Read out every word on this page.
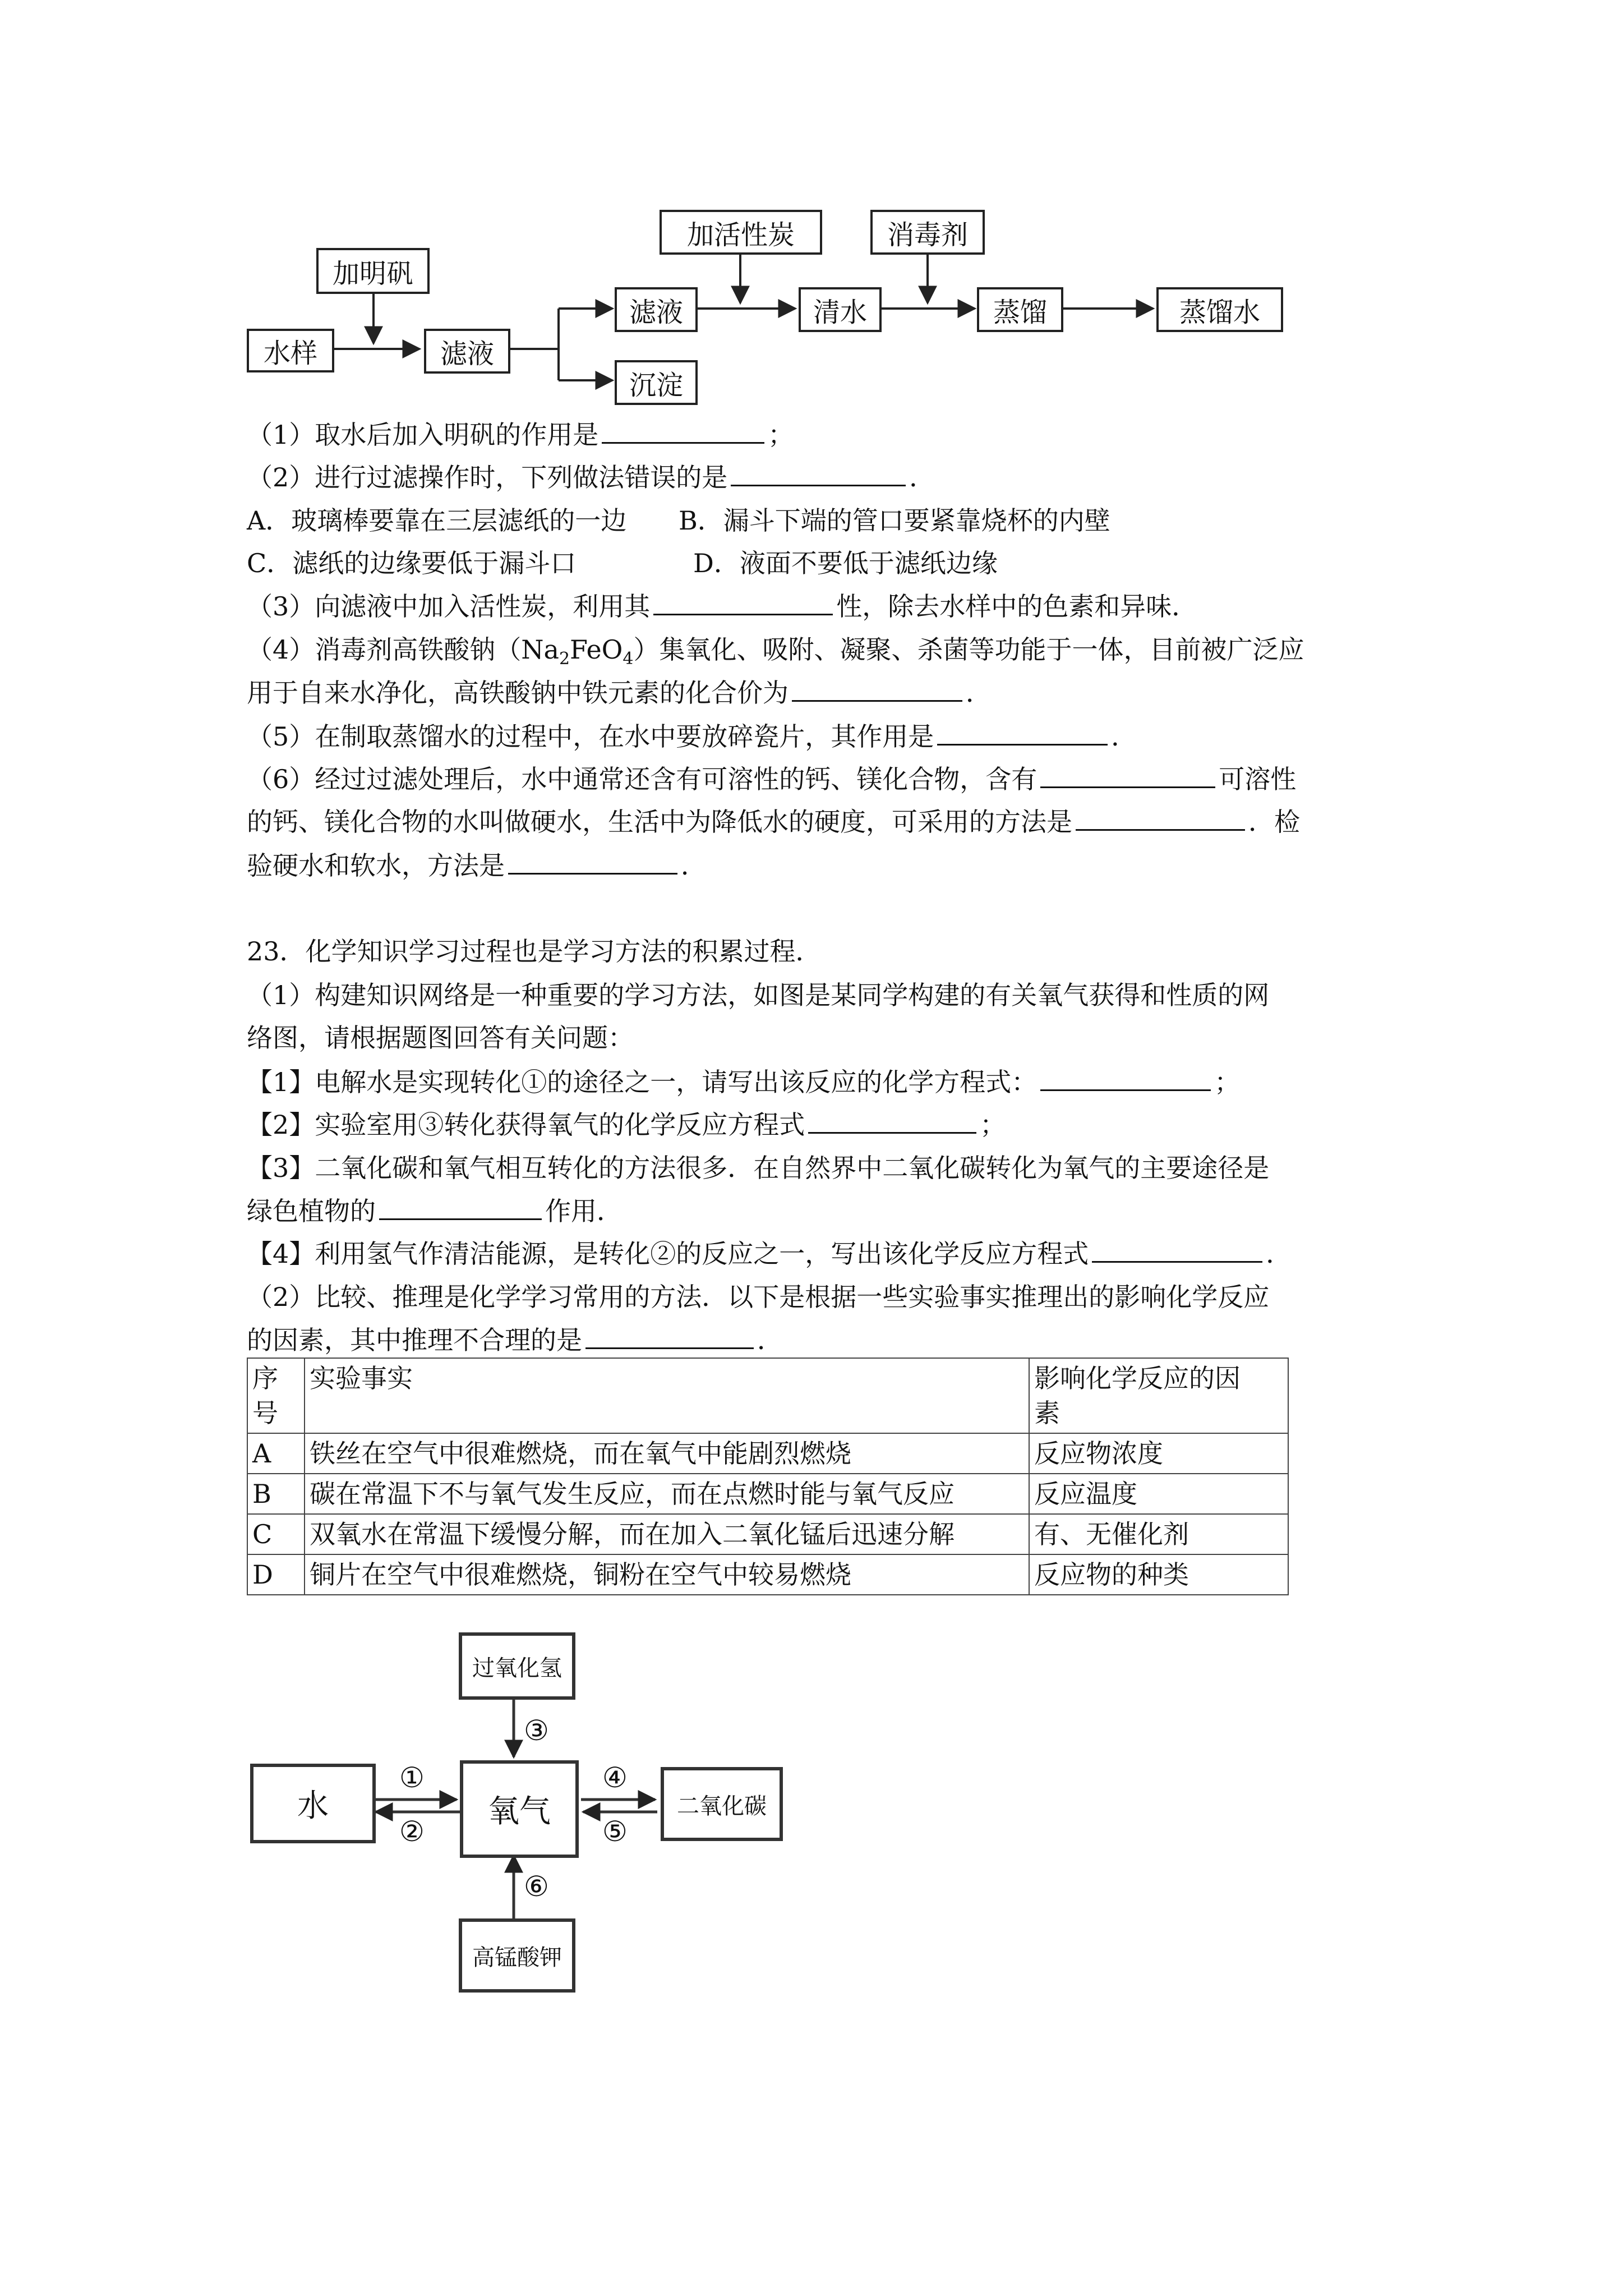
水样
加明矾
滤液
滤液
沉淀
加活性炭
清水
消毒剂
蒸馏	蒸馏水
（1）取水后加入明矾的作用是	；
（2）进行过滤操作时，下列做法错误的是	．
A．玻璃棒要靠在三层滤纸的一边 B．漏斗下端的管口要紧靠烧杯的内壁
C．滤纸的边缘要低于漏斗口	D．液面不要低于滤纸边缘
（3）向滤液中加入活性炭，利用其	性，除去水样中的色素和异味．
（4）消毒剂高铁酸钠$(Na_2FeO_4)$集氧化、吸附、凝聚、杀菌等功能于一体，目前被广泛应
用于自来水净化，高铁酸钠中铁元素的化合价为	．
（5）在制取蒸馏水的过程中，在水中要放碎瓷片，其作用是	．
（6）经过过滤处理后，水中通常还含有可溶性的钙、镁化合物，含有	可溶性
的钙、镁化合物的水叫做硬水，生活中为降低水的硬度，可采用的方法是	．检
验硬水和软水，方法是	．
23．化学知识学习过程也是学习方法的积累过程．
（1）构建知识网络是一种重要的学习方法，如图是某同学构建的有关氧气获得和性质的网
络图，请根据题图回答有关问题：
【1】电解水是实现转化①的途径之一，请写出该反应的化学方程式：	；
【2】实验室用③转化获得氧气的化学反应方程式	；
【3】二氧化碳和氧气相互转化的方法很多．在自然界中二氧化碳转化为氧气的主要途径是
绿色植物的	作用．
【4】利用氢气作清洁能源，是转化②的反应之一，写出该化学反应方程式	．
（2）比较、推理是化学学习常用的方法．以下是根据一些实验事实推理出的影响化学反应
的因素，其中推理不合理的是	．
序
号	实验事实	影响化学反应的因
素
A	铁丝在空气中很难燃烧，而在氧气中能剧烈燃烧	反应物浓度
B	碳在常温下不与氧气发生反应，而在点燃时能与氧气反应	反应温度
C	双氧水在常温下缓慢分解，而在加入二氧化锰后迅速分解	有、无催化剂
D	铜片在空气中很难燃烧，铜粉在空气中较易燃烧	反应物的种类
过氧化氢
水	氧气	二氧化碳
高锰酸钾
①
②
③
④
⑤
⑥
